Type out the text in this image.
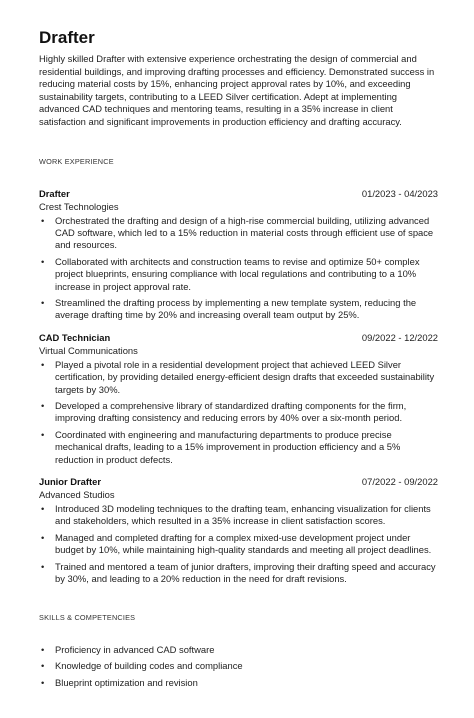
Drafter

Highly skilled Drafter with extensive experience orchestrating the design of commercial and residential buildings, and improving drafting processes and efficiency. Demonstrated success in reducing material costs by 15%, enhancing project approval rates by 10%, and exceeding sustainability targets, contributing to a LEED Silver certification. Adept at implementing advanced CAD techniques and mentoring teams, resulting in a 35% increase in client satisfaction and significant improvements in production efficiency and drafting accuracy.

WORK EXPERIENCE
Drafter	01/2023 - 04/2023
Crest Technologies
• Orchestrated the drafting and design of a high-rise commercial building, utilizing advanced CAD software, which led to a 15% reduction in material costs through efficient use of space and resources.
• Collaborated with architects and construction teams to revise and optimize 50+ complex project blueprints, ensuring compliance with local regulations and contributing to a 10% increase in project approval rate.
• Streamlined the drafting process by implementing a new template system, reducing the average drafting time by 20% and increasing overall team output by 25%.
CAD Technician	09/2022 - 12/2022
Virtual Communications
• Played a pivotal role in a residential development project that achieved LEED Silver certification, by providing detailed energy-efficient design drafts that exceeded sustainability targets by 30%.
• Developed a comprehensive library of standardized drafting components for the firm, improving drafting consistency and reducing errors by 40% over a six-month period.
• Coordinated with engineering and manufacturing departments to produce precise mechanical drafts, leading to a 15% improvement in production efficiency and a 5% reduction in product defects.
Junior Drafter	07/2022 - 09/2022
Advanced Studios
• Introduced 3D modeling techniques to the drafting team, enhancing visualization for clients and stakeholders, which resulted in a 35% increase in client satisfaction scores.
• Managed and completed drafting for a complex mixed-use development project under budget by 10%, while maintaining high-quality standards and meeting all project deadlines.
• Trained and mentored a team of junior drafters, improving their drafting speed and accuracy by 30%, and leading to a 20% reduction in the need for draft revisions.
SKILLS & COMPETENCIES
• Proficiency in advanced CAD software
• Knowledge of building codes and compliance
• Blueprint optimization and revision
